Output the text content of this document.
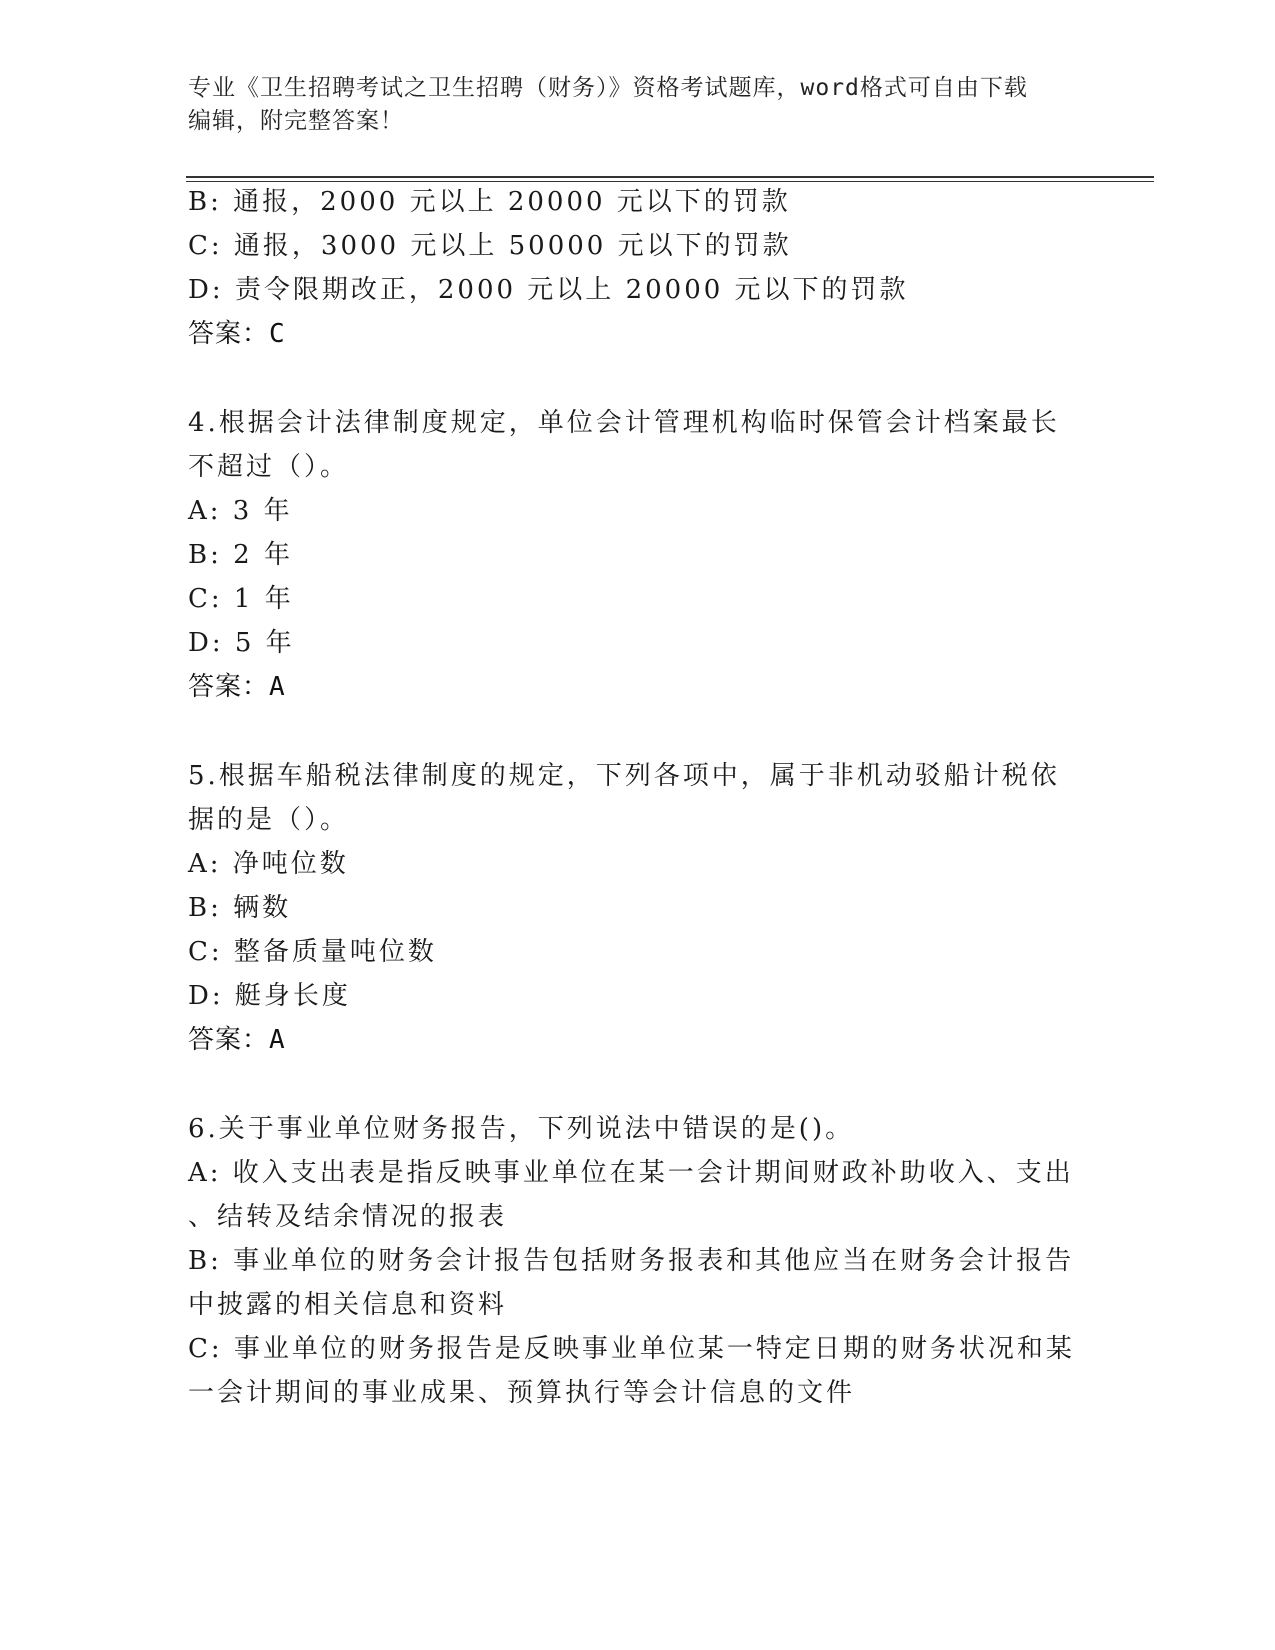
专业《卫生招聘考试之卫生招聘（财务）》资格考试题库，word格式可自由下载
编辑，附完整答案！
B: 通报，2000 元以上 20000 元以下的罚款
C: 通报，3000 元以上 50000 元以下的罚款
D: 责令限期改正，2000 元以上 20000 元以下的罚款
答案：C
4.根据会计法律制度规定，单位会计管理机构临时保管会计档案最长
不超过（）。
A: 3 年
B: 2 年
C: 1 年
D: 5 年
答案：A
5.根据车船税法律制度的规定，下列各项中，属于非机动驳船计税依
据的是（）。
A: 净吨位数
B: 辆数
C: 整备质量吨位数
D: 艇身长度
答案：A
6.关于事业单位财务报告，下列说法中错误的是()。
A: 收入支出表是指反映事业单位在某一会计期间财政补助收入、支出
、结转及结余情况的报表
B: 事业单位的财务会计报告包括财务报表和其他应当在财务会计报告
中披露的相关信息和资料
C: 事业单位的财务报告是反映事业单位某一特定日期的财务状况和某
一会计期间的事业成果、预算执行等会计信息的文件
